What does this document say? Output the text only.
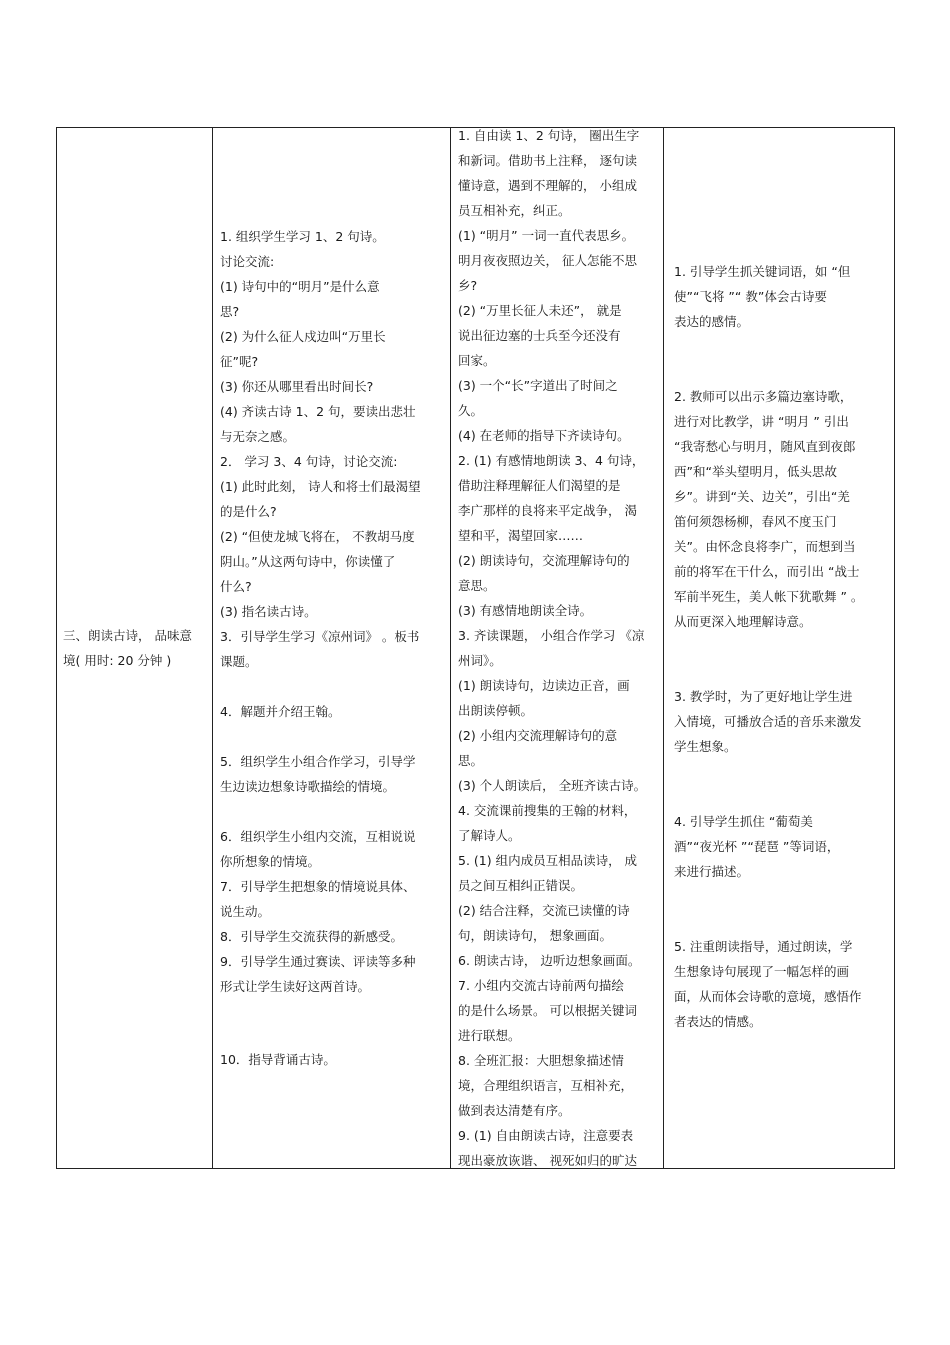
三、朗读古诗， 品味意
境( 用时: 20 分钟 )
1. 组织学生学习 1、2 句诗。
讨论交流:
(1) 诗句中的“明月”是什么意
思?
(2) 为什么征人戍边叫“万里长
征”呢?
(3) 你还从哪里看出时间长?
(4) 齐读古诗 1、2 句，要读出悲壮
与无奈之感。
2． 学习 3、4 句诗，讨论交流:
(1) 此时此刻， 诗人和将士们最渴望
的是什么?
(2) “但使龙城飞将在， 不教胡马度
阴山。”从这两句诗中，你读懂了
什么?
(3) 指名读古诗。
3．引导学生学习《凉州词》 。板书
课题。
4．解题并介绍王翰。
5．组织学生小组合作学习，引导学
生边读边想象诗歌描绘的情境。
6．组织学生小组内交流，互相说说
你所想象的情境。
7．引导学生把想象的情境说具体、
说生动。
8．引导学生交流获得的新感受。
9．引导学生通过赛读、评读等多种
形式让学生读好这两首诗。
10．指导背诵古诗。
1. 自由读 1、2 句诗， 圈出生字
和新词。借助书上注释， 逐句读
懂诗意，遇到不理解的， 小组成
员互相补充，纠正。
(1) “明月” 一词一直代表思乡。
明月夜夜照边关， 征人怎能不思
乡?
(2) “万里长征人未还”， 就是
说出征边塞的士兵至今还没有
回家。
(3) 一个“长”字道出了时间之
久。
(4) 在老师的指导下齐读诗句。
2. (1) 有感情地朗读 3、4 句诗，
借助注释理解征人们渴望的是
李广那样的良将来平定战争， 渴
望和平，渴望回家……
(2) 朗读诗句，交流理解诗句的
意思。
(3) 有感情地朗读全诗。
3. 齐读课题， 小组合作学习 《凉
州词》。
(1) 朗读诗句，边读边正音，画
出朗读停顿。
(2) 小组内交流理解诗句的意
思。
(3) 个人朗读后， 全班齐读古诗。
4. 交流课前搜集的王翰的材料，
了解诗人。
5. (1) 组内成员互相品读诗， 成
员之间互相纠正错误。
(2) 结合注释，交流已读懂的诗
句，朗读诗句， 想象画面。
6. 朗读古诗， 边听边想象画面。
7. 小组内交流古诗前两句描绘
的是什么场景。 可以根据关键词
进行联想。
8. 全班汇报：大胆想象描述情
境，合理组织语言，互相补充，
做到表达清楚有序。
9. (1) 自由朗读古诗，注意要表
现出豪放诙谐、 视死如归的旷达
1. 引导学生抓关键词语，如 “但
使”“飞将 ”“ 教”体会古诗要
表达的感情。
2. 教师可以出示多篇边塞诗歌，
进行对比教学，讲 “明月 ” 引出
“我寄愁心与明月，随风直到夜郎
西”和“举头望明月，低头思故
乡”。讲到“关、边关”，引出“羌
笛何须怨杨柳，春风不度玉门
关”。由怀念良将李广，而想到当
前的将军在干什么，而引出 “战士
军前半死生，美人帐下犹歌舞 ” 。
从而更深入地理解诗意。
3. 教学时，为了更好地让学生进
入情境，可播放合适的音乐来激发
学生想象。
4. 引导学生抓住 “葡萄美
酒”“夜光杯 ”“琵琶 ”等词语，
来进行描述。
5. 注重朗读指导，通过朗读，学
生想象诗句展现了一幅怎样的画
面，从而体会诗歌的意境，感悟作
者表达的情感。
